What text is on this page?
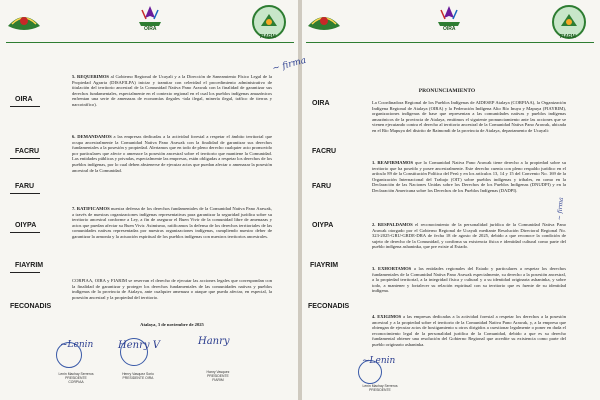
OIRA
FIARM
OIRA
FACRU
FARU
OIYPA
FIAYRIM
FECONADIS
5. REQUERIMOS al Gobierno Regional de Ucayali y a la Dirección de Saneamiento Físico Legal de la Propiedad Agraria (DISAFILPA) iniciar y tramitar con celeridad el procedimiento administrativo de titulación del territorio ancestral de la Comunidad Nativa Pano Arawak con la finalidad de garantizar sus derechos fundamentales, especialmente en el contexto regional en el cual los pueblos indígenas amazónicos enfrentan una serie de amenazas de economías ilegales -tala ilegal, minería ilegal, tráfico de tierras y narcotráfico).
6. DEMANDAMOS a las empresas dedicadas a la actividad forestal a respetar el ámbito territorial que ocupa ancestralmente la Comunidad Nativa Pano Arawak con la finalidad de garantizar sus derechos fundamentales a la posesión y propiedad. Alertamos que en todo de pleno derecho cualquier acto promovido por particulares que afecte o amenace la posesión ancestral sobre el territorio que mantiene la Comunidad. Las entidades públicas y privadas, especialmente las empresas, están obligadas a respetar los derechos de los pueblos indígenas, por lo cual deben abstenerse de ejecutar actos que puedan afectar o amenazar la posesión ancestral de la Comunidad.
7. RATIFICAMOS nuestra defensa de los derechos fundamentales de la Comunidad Nativa Pano Arawak, a través de nuestras organizaciones indígenas representativas para garantizar la seguridad jurídica sobre su territorio ancestral conforme a Ley, a fin de asegurar el Buen Vivir de la comunidad libre de amenazas y actos que puedan afectar su Buen Vivir. Asimismo, ratificamos la defensa de los derechos territoriales de las comunidades nativas representadas por nuestras organizaciones indígenas, cumpliendo nuestro deber de garantizar la armonía y la actuación espiritual de los pueblos indígenas con nuestros territorios ancestrales.
CORPIAA, OIRA y FIARIM se reservan el derecho de ejecutar las acciones legales que correspondan con la finalidad de garantizar y proteger los derechos fundamentales de las comunidades nativas y pueblos indígenas de la provincia de Atalaya, ante cualquier amenaza o ataque que pueda afectar, en especial, la posesión ancestral y la propiedad del territorio.
Atalaya, 3 de noviembre de 2025
~Lenin
Lenin Machay Serreros
PRESIDENTE
CORPIAA
Henry V
Henry Vasquez Sorio
PRESIDENTE OIRA
Hanry
Hanry Vasquez
PRESIDENTE
FIARIM
OIRA
FIARM
PRONUNCIAMIENTO
La Coordinadora Regional de los Pueblos Indígenas de AIDESEP Atalaya (CORPIAA), la Organización Indígena Regional de Atalaya (OIRA) y la Federación Indígena Alto Río Inuya y Mapuya (FIAYRIM), organizaciones indígenas de base que representan a las comunidades nativas y pueblos indígenas amazónicos de la provincia de Atalaya, emitimos el siguiente pronunciamiento ante las acciones que se vienen ejecutando contra el derecho al territorio ancestral de la Comunidad Nativa Pano Arawak, ubicada en el Río Mapuya del distrito de Raimondi de la provincia de Atalaya, departamento de Ucayali:
1. REAFIRMAMOS que la Comunidad Nativa Pano Arawak tiene derecho a la propiedad sobre su territorio que ha poseído y posee ancestralmente. Este derecho cuenta con pleno respaldo jurídico en el artículo 89 de la Constitución Política del Perú y en los artículos 13, 14 y 15 del Convenio No. 169 de la Organización Internacional del Trabajo (OIT) sobre pueblos indígenas y tribales, en como en la Declaración de las Naciones Unidas sobre los Derechos de los Pueblos Indígenas (DNUDPI) y en la Declaración Americana sobre los Derechos de los Pueblos Indígenas (DADPI).
2. RESPALDAMOS el reconocimiento de la personalidad jurídica de la Comunidad Nativa Pano Arawak otorgado por el Gobierno Regional de Ucayali mediante Resolución Directoral Regional No. 323-2025-GRU-GRDE-DRA de fecha 18 de agosto de 2025, debido a que reconoce la condición de sujeto de derecho de la Comunidad, y confirma su existencia física e identidad cultural como parte del pueblo indígena ashaninka, que pre existe al Estado.
3. EXHORTAMOS a las entidades regionales del Estado y particulares a respetar los derechos fundamentales de la Comunidad Nativa Pano Arawak especialmente, su derecho a la posesión ancestral, a la propiedad territorial, a la integridad física y cultural y a su identidad originaria ashaninka, y sobre todo, a mantener y fortalecer su relación espiritual con su territorio que es fuente de su identidad indígena.
4. EXIGIMOS a las empresas dedicadas a la actividad forestal a respetar los derechos a la posesión ancestral y a la propiedad sobre el territorio de la Comunidad Nativa Pano Arawak, y, a la empresa que obtengan de ejecutar actos de hostigamiento u otros dirigidos a cuestionar legalmente o poner en duda el reconocimiento legal de la personalidad jurídica de la Comunidad, debido a que es su derecho fundamental obtener una resolución del Gobierno Regional que acredite su existencia como parte del pueblo originario ashaninka.
OIRA
FACRU
FARU
OIYPA
FIAYRIM
FECONADIS
~ firma
~ firma
~Lenin
Lenin Machay Serreros
PRESIDENTE
